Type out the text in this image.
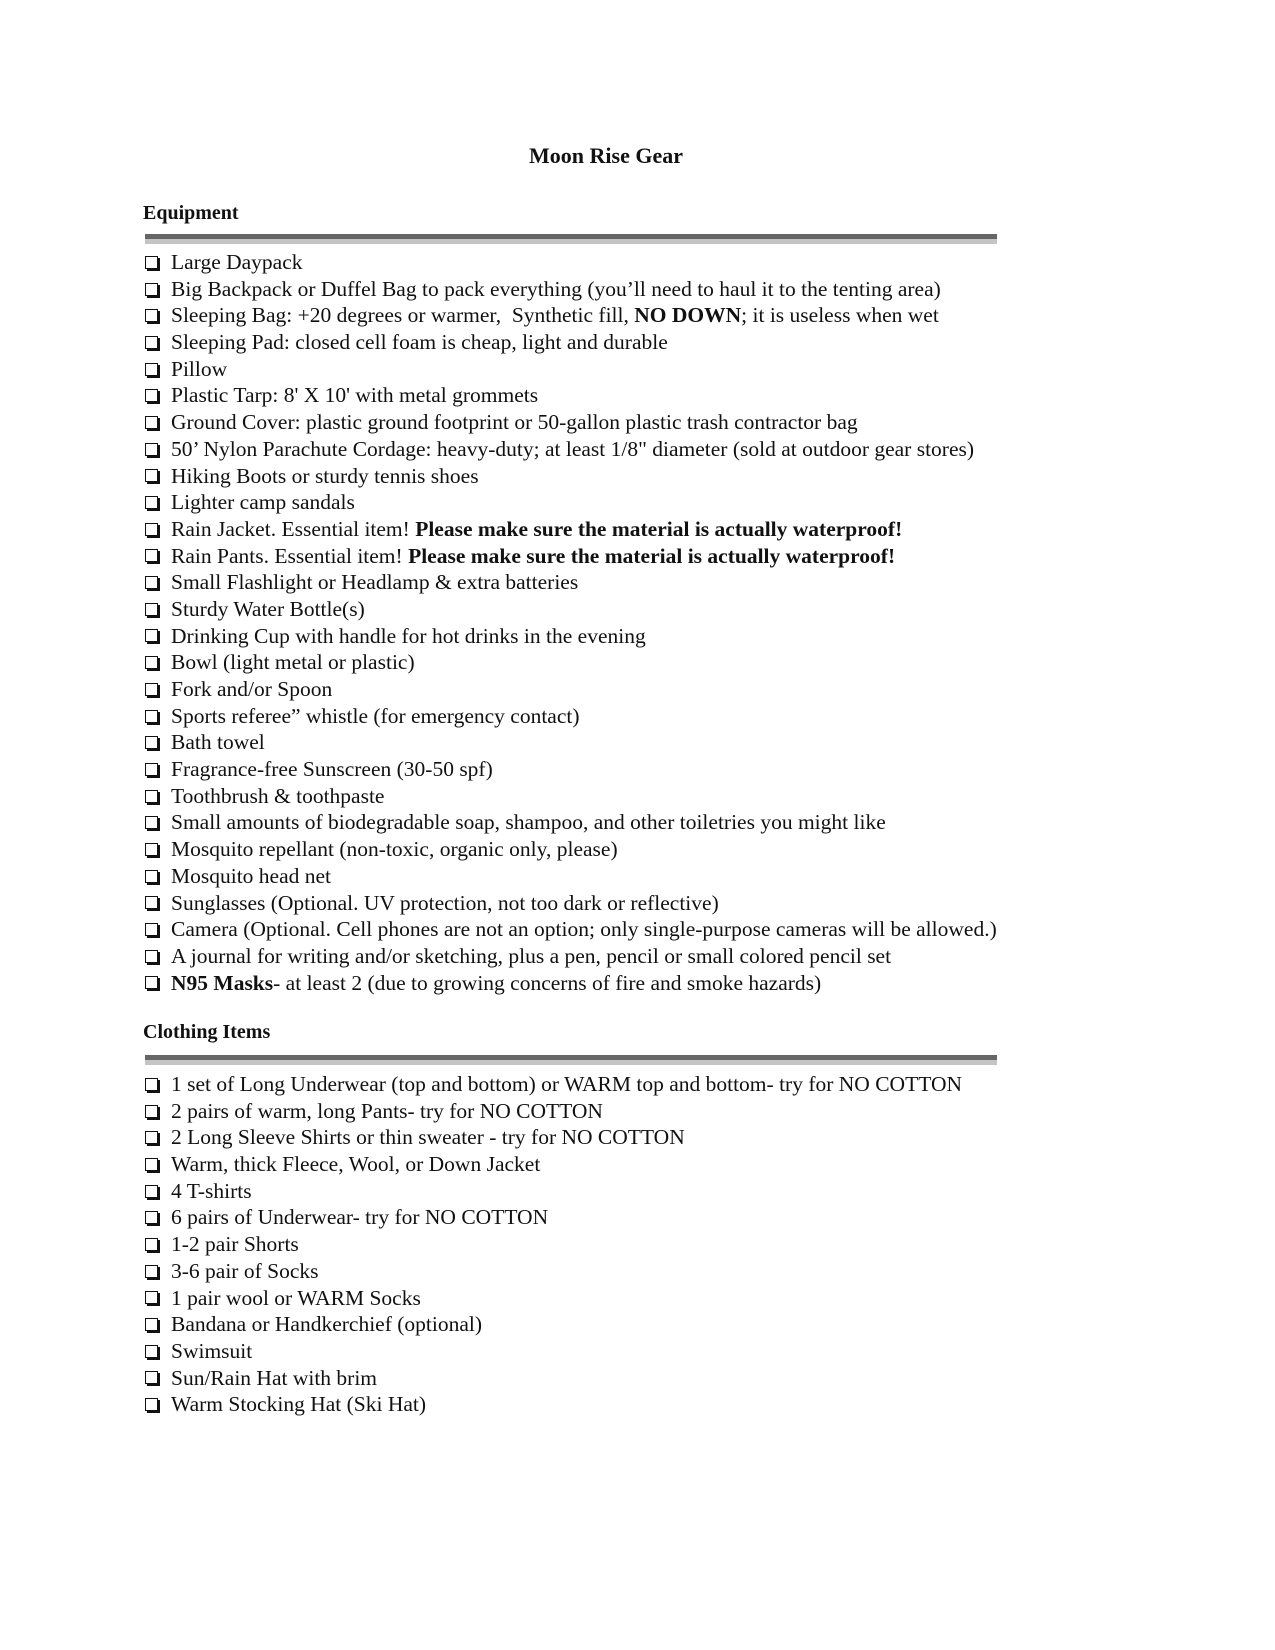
Moon Rise Gear
Equipment
Large Daypack
Big Backpack or Duffel Bag to pack everything (you’ll need to haul it to the tenting area)
Sleeping Bag: +20 degrees or warmer,  Synthetic fill, NO DOWN; it is useless when wet
Sleeping Pad: closed cell foam is cheap, light and durable
Pillow
Plastic Tarp: 8' X 10' with metal grommets
Ground Cover: plastic ground footprint or 50-gallon plastic trash contractor bag
50’ Nylon Parachute Cordage: heavy-duty; at least 1/8" diameter (sold at outdoor gear stores)
Hiking Boots or sturdy tennis shoes
Lighter camp sandals
Rain Jacket. Essential item! Please make sure the material is actually waterproof!
Rain Pants. Essential item! Please make sure the material is actually waterproof!
Small Flashlight or Headlamp & extra batteries
Sturdy Water Bottle(s)
Drinking Cup with handle for hot drinks in the evening
Bowl (light metal or plastic)
Fork and/or Spoon
Sports referee” whistle (for emergency contact)
Bath towel
Fragrance-free Sunscreen (30-50 spf)
Toothbrush & toothpaste
Small amounts of biodegradable soap, shampoo, and other toiletries you might like
Mosquito repellant (non-toxic, organic only, please)
Mosquito head net
Sunglasses (Optional. UV protection, not too dark or reflective)
Camera (Optional. Cell phones are not an option; only single-purpose cameras will be allowed.)
A journal for writing and/or sketching, plus a pen, pencil or small colored pencil set
N95 Masks- at least 2 (due to growing concerns of fire and smoke hazards)
Clothing Items
1 set of Long Underwear (top and bottom) or WARM top and bottom- try for NO COTTON
2 pairs of warm, long Pants- try for NO COTTON
2 Long Sleeve Shirts or thin sweater - try for NO COTTON
Warm, thick Fleece, Wool, or Down Jacket
4 T-shirts
6 pairs of Underwear- try for NO COTTON
1-2 pair Shorts
3-6 pair of Socks
1 pair wool or WARM Socks
Bandana or Handkerchief (optional)
Swimsuit
Sun/Rain Hat with brim
Warm Stocking Hat (Ski Hat)
